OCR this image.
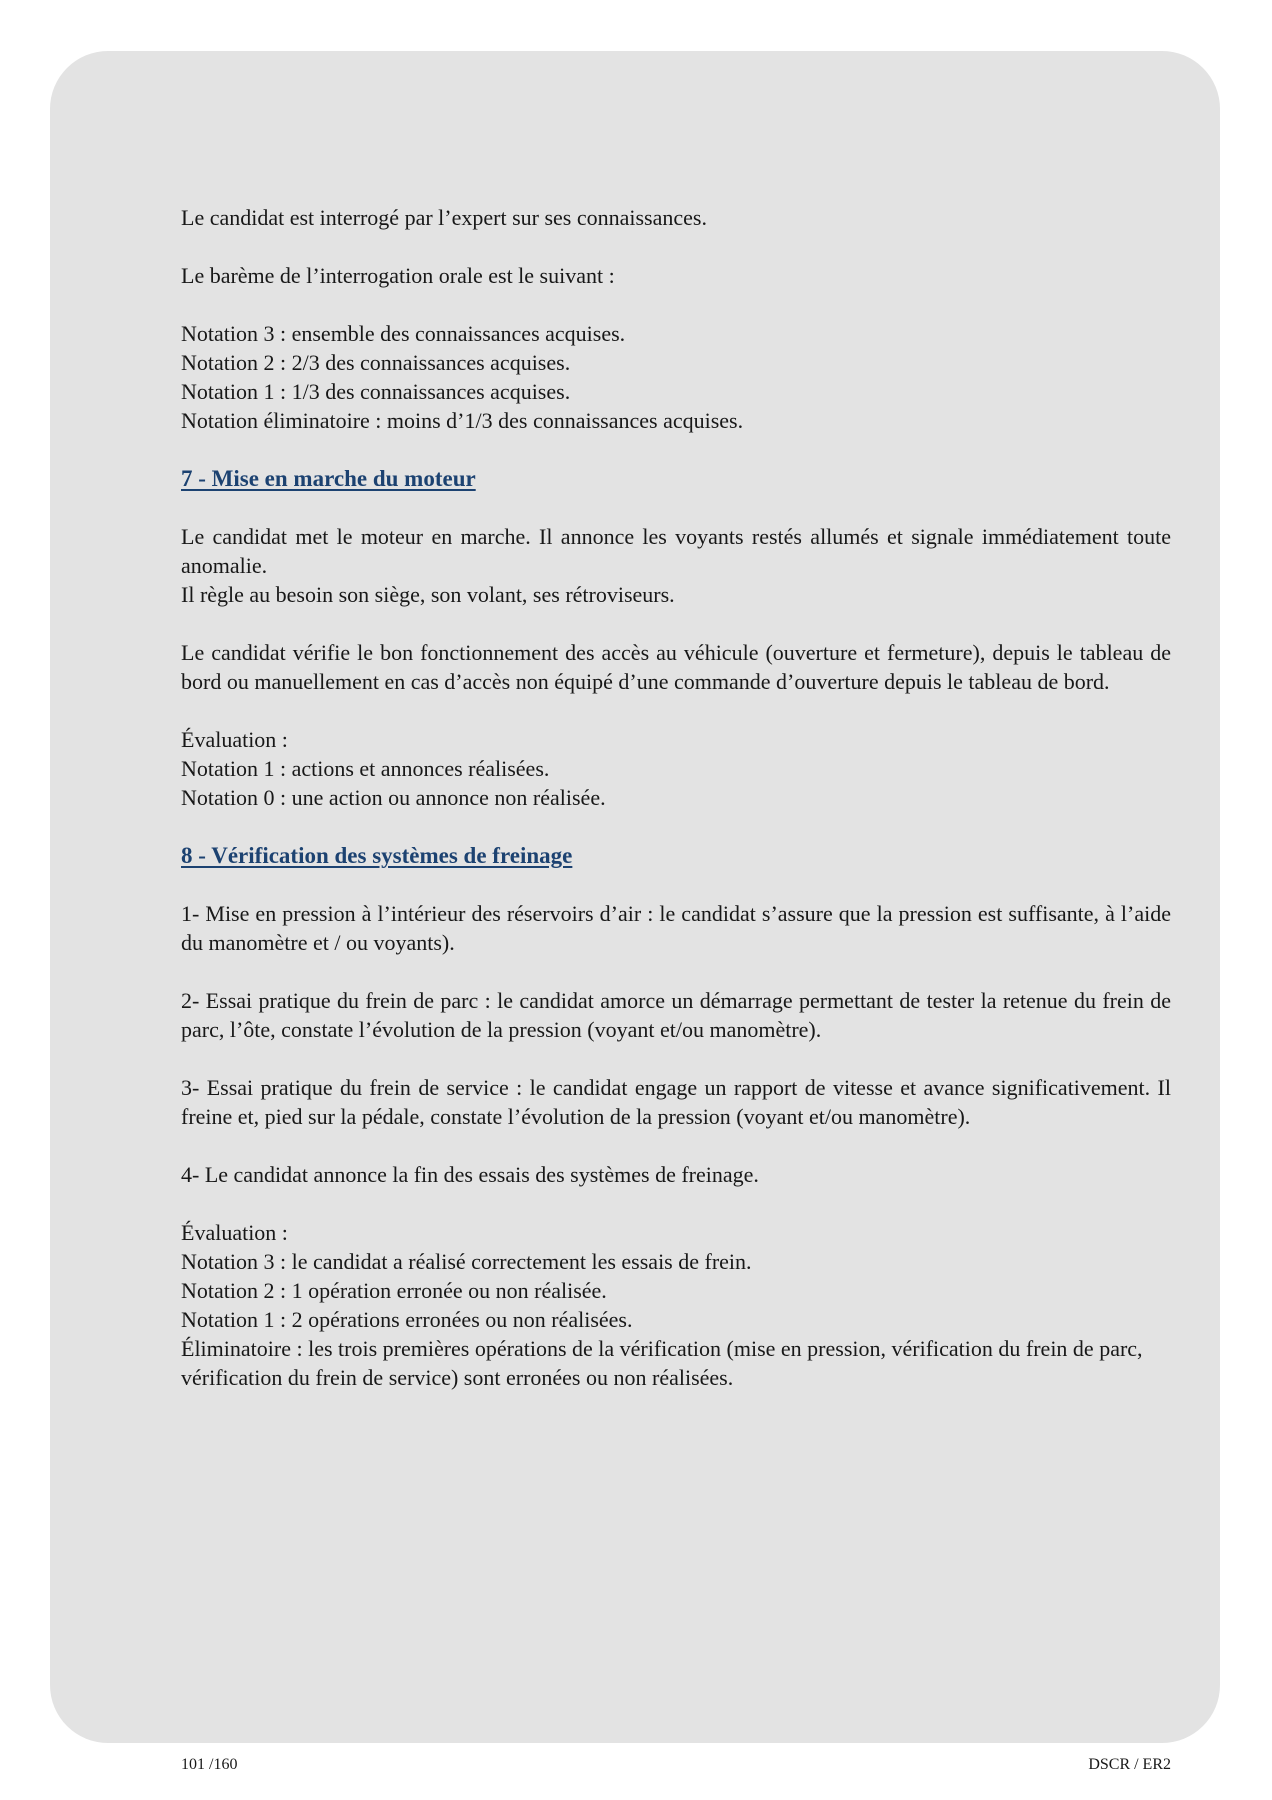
Le candidat est interrogé par l’expert sur ses connaissances.

Le barème de l’interrogation orale est le suivant :

Notation 3 : ensemble des connaissances acquises.
Notation 2 : 2/3 des connaissances acquises.
Notation 1 : 1/3 des connaissances acquises.
Notation éliminatoire : moins d’1/3 des connaissances acquises.
7 - Mise en marche du moteur

Le candidat met le moteur en marche. Il annonce les voyants restés allumés et signale immédiatement toute anomalie.

Il règle au besoin son siège, son volant, ses rétroviseurs.

Le candidat vérifie le bon fonctionnement des accès au véhicule (ouverture et fermeture), depuis le tableau de bord ou manuellement en cas d’accès non équipé d’une commande d’ouverture depuis le tableau de bord.

Évaluation :
Notation 1 : actions et annonces réalisées.
Notation 0 : une action ou annonce non réalisée.
8 - Vérification des systèmes de freinage

1- Mise en pression à l’intérieur des réservoirs d’air : le candidat s’assure que la pression est suffisante, à l’aide du manomètre et / ou voyants).

2- Essai pratique du frein de parc : le candidat amorce un démarrage permettant de tester la retenue du frein de parc, l’ôte, constate l’évolution de la pression (voyant et/ou manomètre).

3- Essai pratique du frein de service : le candidat engage un rapport de vitesse et avance significativement. Il freine et, pied sur la pédale, constate l’évolution de la pression (voyant et/ou manomètre).

4- Le candidat annonce la fin des essais des systèmes de freinage.

Évaluation :
Notation 3 : le candidat a réalisé correctement les essais de frein.
Notation 2 : 1 opération erronée ou non réalisée.
Notation 1 : 2 opérations erronées ou non réalisées.
Éliminatoire : les trois premières opérations de la vérification (mise en pression, vérification du frein de parc, vérification du frein de service) sont erronées ou non réalisées.
101 /160	DSCR / ER2
